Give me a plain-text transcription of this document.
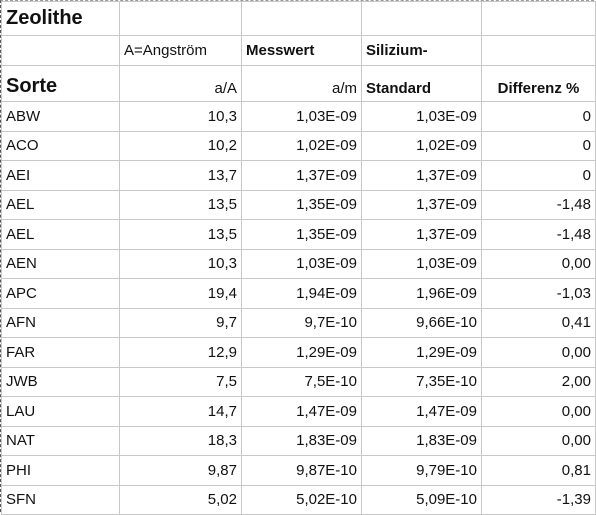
Zeolithe				
	A=Angström	Messwert	Silizium-	
Sorte	a/A	a/m	Standard	Differenz %
ABW	10,3	1,03E-09	1,03E-09	0
ACO	10,2	1,02E-09	1,02E-09	0
AEI	13,7	1,37E-09	1,37E-09	0
AEL	13,5	1,35E-09	1,37E-09	-1,48
AEL	13,5	1,35E-09	1,37E-09	-1,48
AEN	10,3	1,03E-09	1,03E-09	0,00
APC	19,4	1,94E-09	1,96E-09	-1,03
AFN	9,7	9,7E-10	9,66E-10	0,41
FAR	12,9	1,29E-09	1,29E-09	0,00
JWB	7,5	7,5E-10	7,35E-10	2,00
LAU	14,7	1,47E-09	1,47E-09	0,00
NAT	18,3	1,83E-09	1,83E-09	0,00
PHI	9,87	9,87E-10	9,79E-10	0,81
SFN	5,02	5,02E-10	5,09E-10	-1,39
